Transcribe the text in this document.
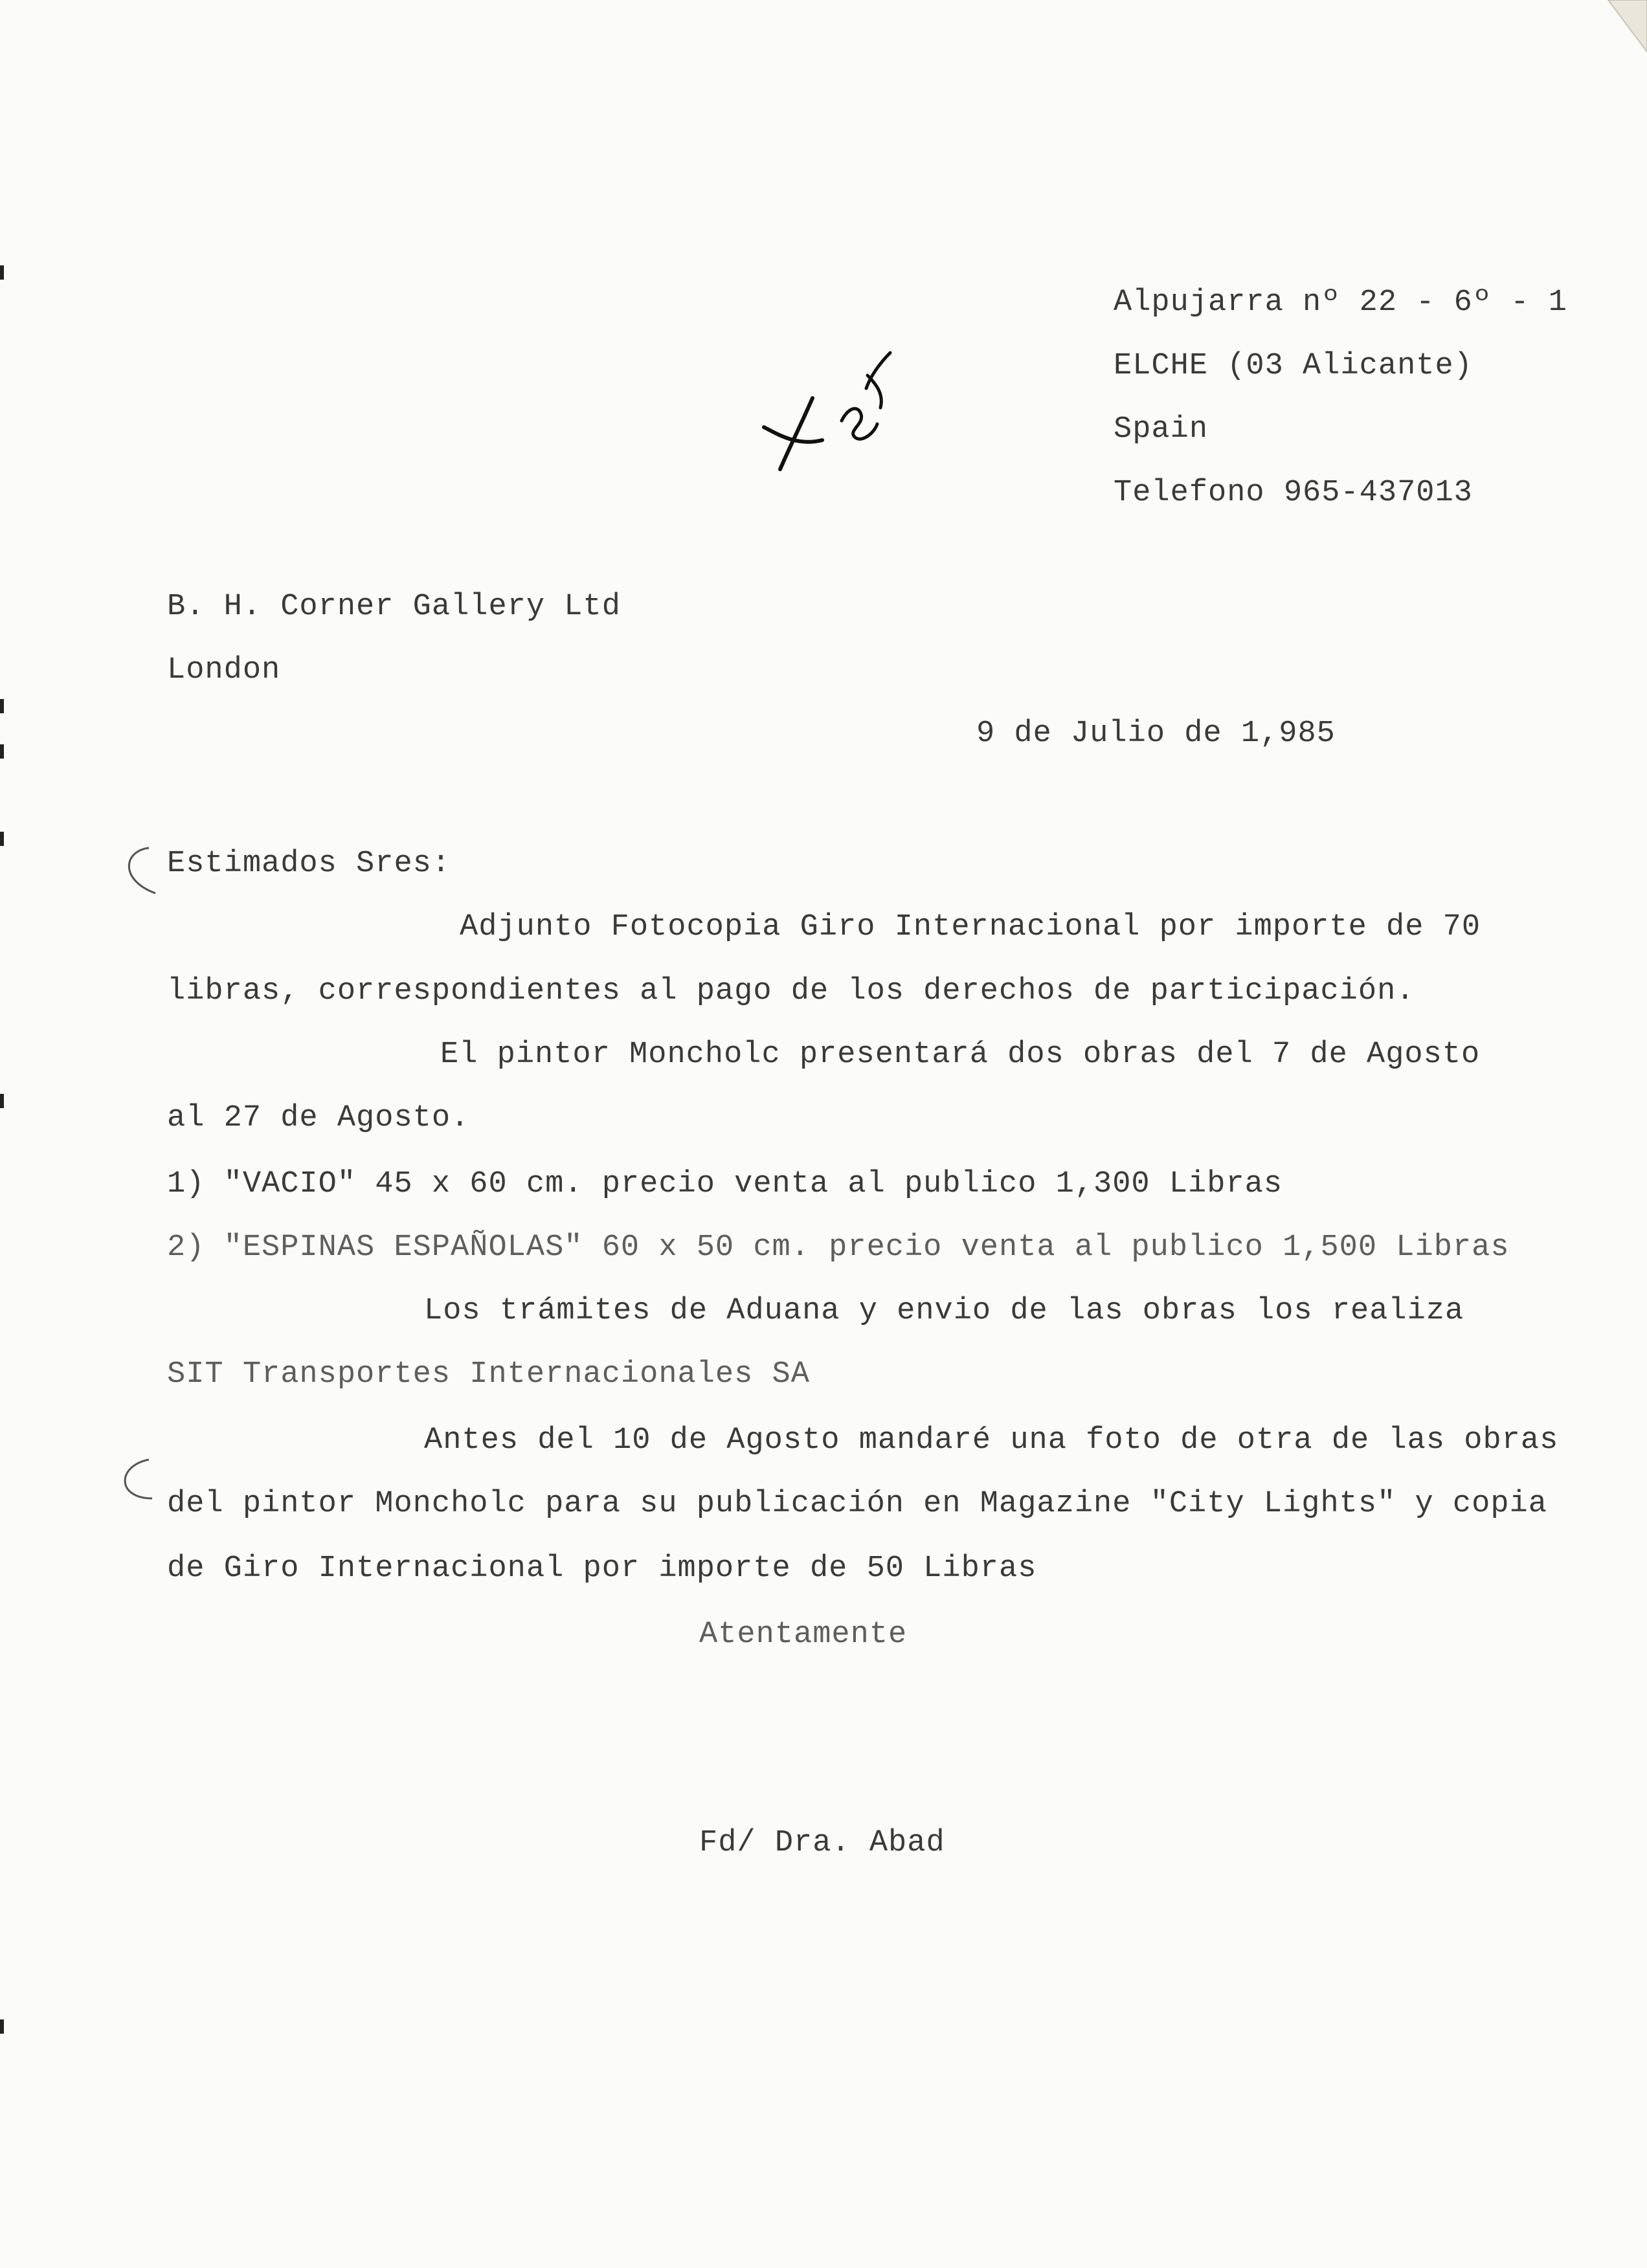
Alpujarra nº 22 - 6º - 1
ELCHE (03 Alicante)
Spain
Telefono 965-437013
B. H. Corner Gallery Ltd
London
9 de Julio de 1,985
Estimados Sres:
Adjunto Fotocopia Giro Internacional por importe de 70
libras, correspondientes al pago de los derechos de participación.
El pintor Moncholc presentará dos obras del 7 de Agosto
al 27 de Agosto.
1) "VACIO" 45 x 60 cm. precio venta al publico 1,300 Libras
2) "ESPINAS ESPAÑOLAS" 60 x 50 cm. precio venta al publico 1,500 Libras
Los trámites de Aduana y envio de las obras los realiza
SIT Transportes Internacionales SA
Antes del 10 de Agosto mandaré una foto de otra de las obras
del pintor Moncholc para su publicación en Magazine "City Lights" y copia
de Giro Internacional por importe de 50 Libras
Atentamente
Fd/ Dra. Abad
